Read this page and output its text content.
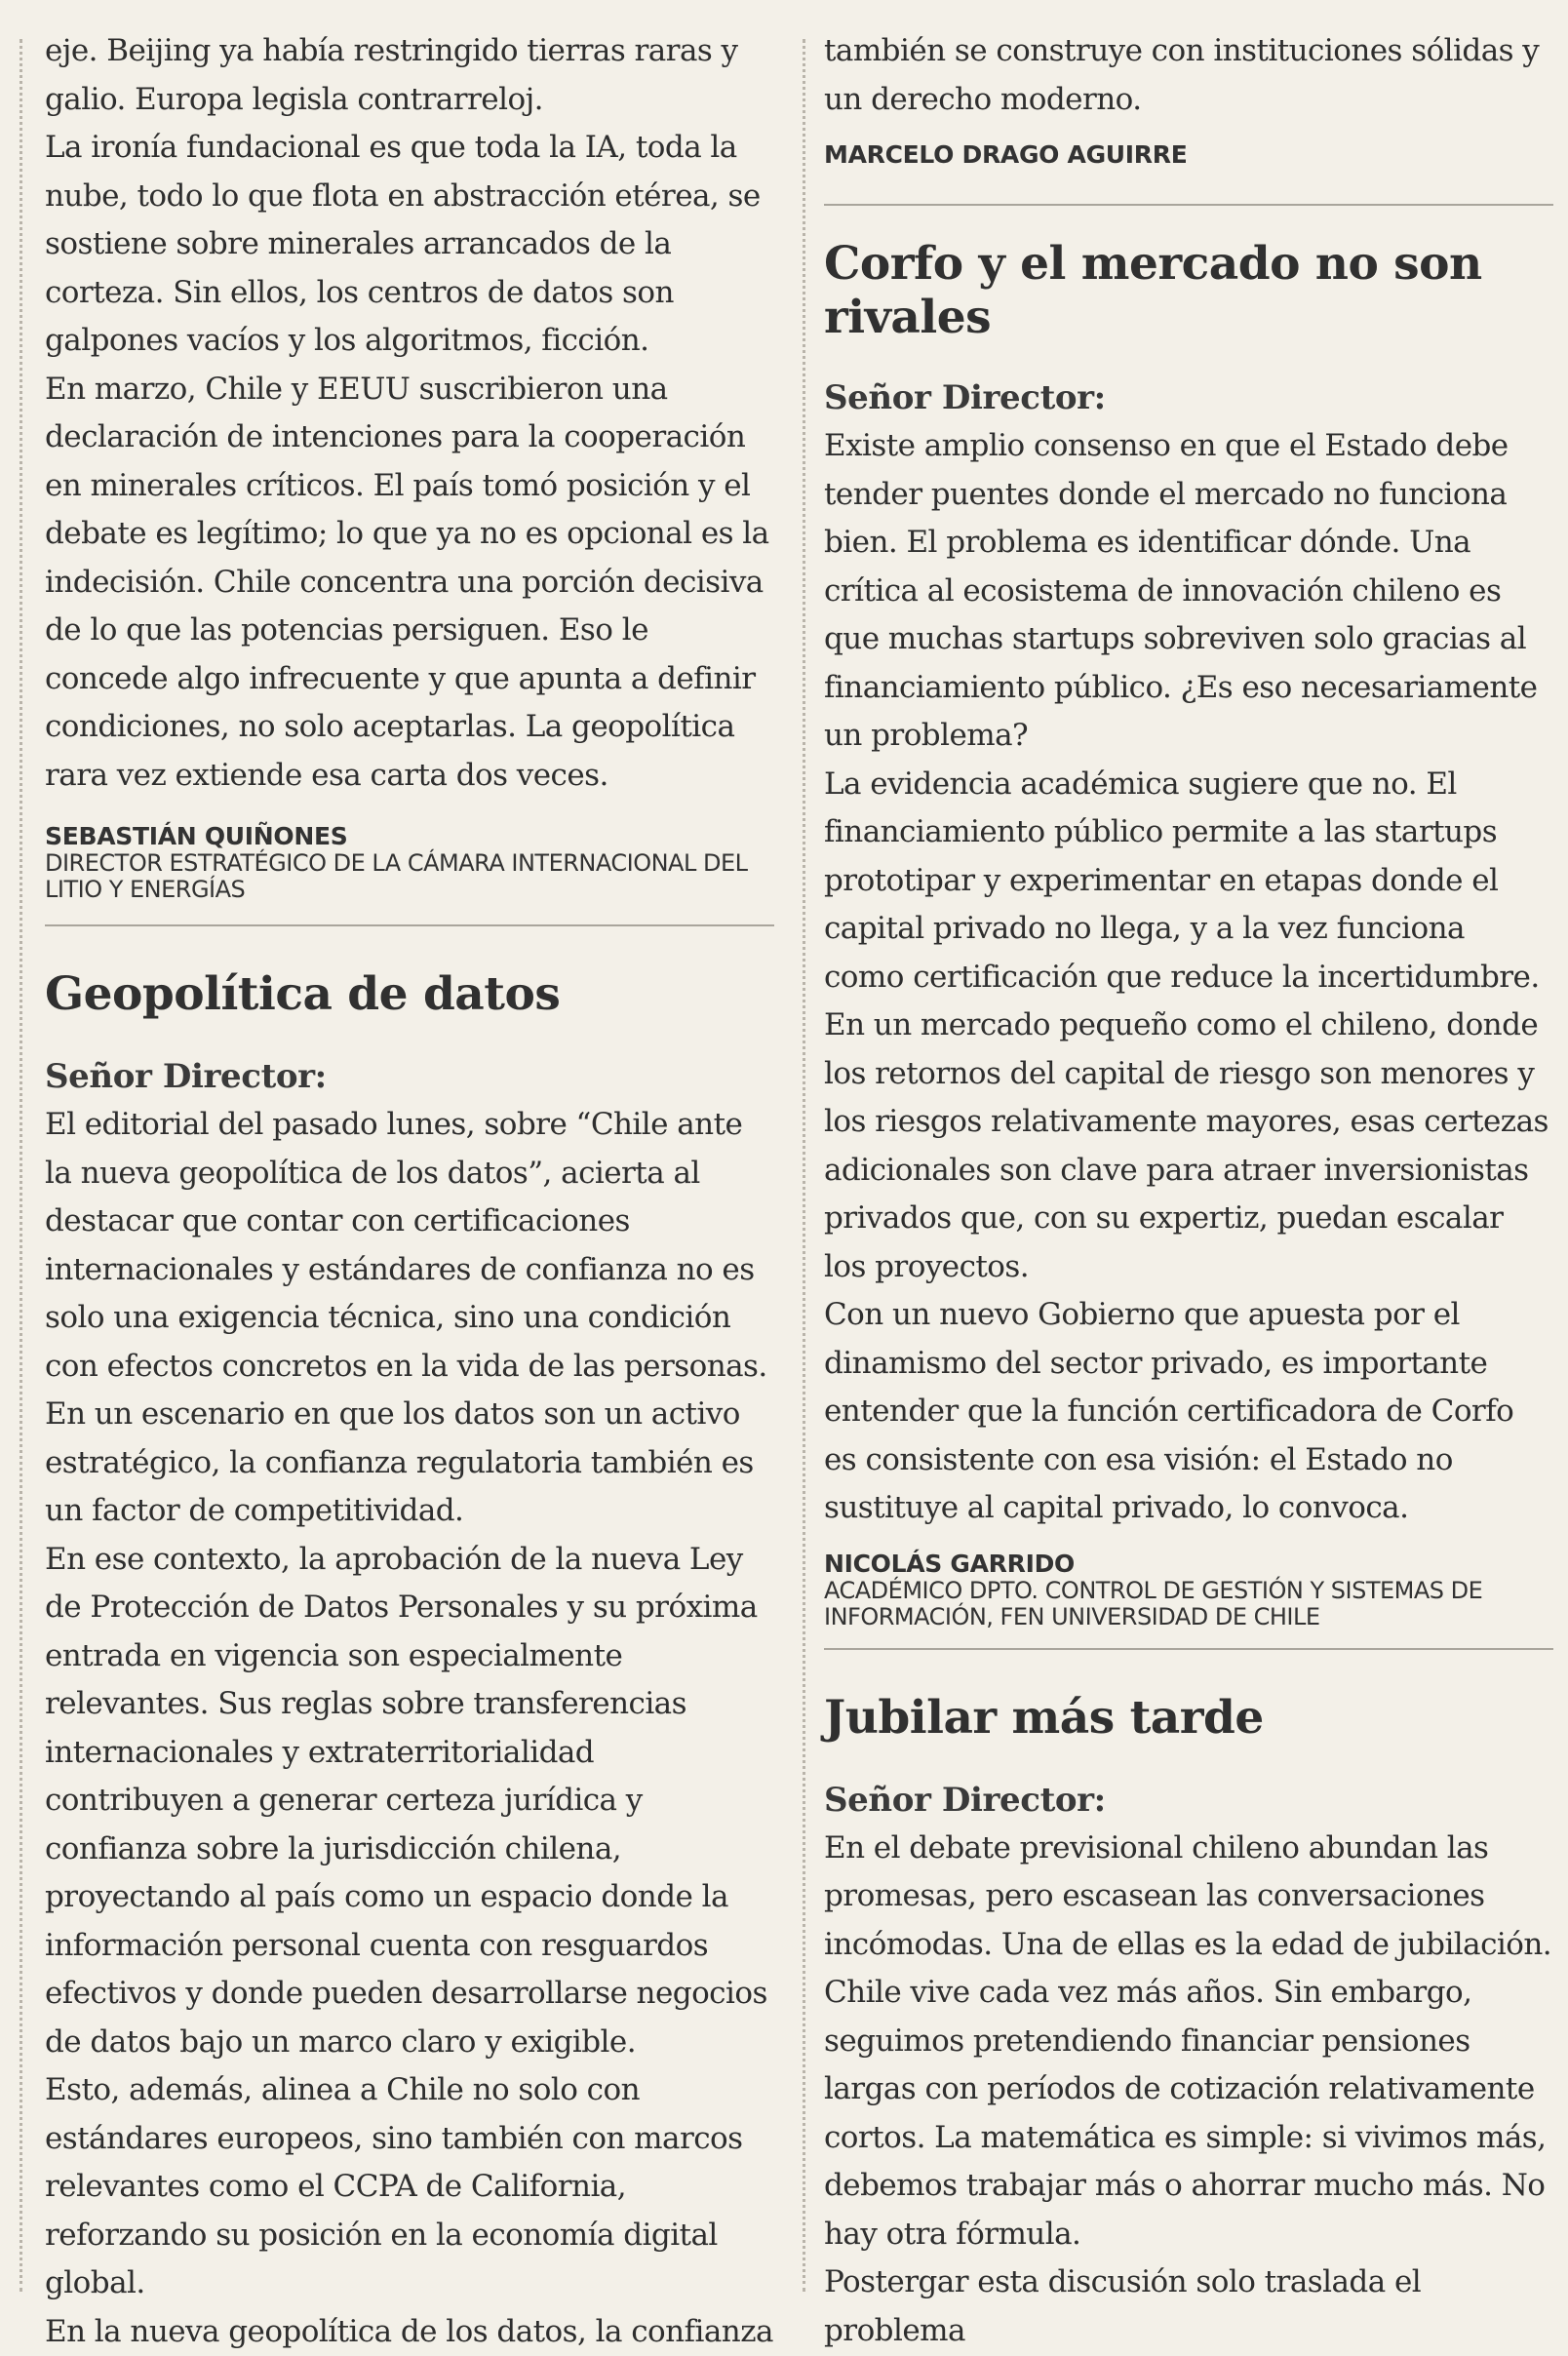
eje. Beijing ya había restringido tierras raras y galio. Europa legisla contrarreloj.

La ironía fundacional es que toda la IA, toda la nube, todo lo que flota en abstracción etérea, se sostiene sobre minerales arrancados de la corteza. Sin ellos, los centros de datos son galpones vacíos y los algoritmos, ficción.

En marzo, Chile y EEUU suscribieron una declaración de intenciones para la cooperación en minerales críticos. El país tomó posición y el debate es legítimo; lo que ya no es opcional es la indecisión. Chile concentra una porción decisiva de lo que las potencias persiguen. Eso le concede algo infrecuente y que apunta a definir condiciones, no solo aceptarlas. La geopolítica rara vez extiende esa carta dos veces.

SEBASTIÁN QUIÑONES

DIRECTOR ESTRATÉGICO DE LA CÁMARA INTERNACIONAL DEL LITIO Y ENERGÍAS

Geopolítica de datos

Señor Director:

El editorial del pasado lunes, sobre “Chile ante la nueva geopolítica de los datos”, acierta al destacar que contar con certificaciones internacionales y estándares de confianza no es solo una exigencia técnica, sino una condición con efectos concretos en la vida de las personas. En un escenario en que los datos son un activo estratégico, la confianza regulatoria también es un factor de competitividad.

En ese contexto, la aprobación de la nueva Ley de Protección de Datos Personales y su próxima entrada en vigencia son especialmente relevantes. Sus reglas sobre transferencias internacionales y extraterritorialidad contribuyen a generar certeza jurídica y confianza sobre la jurisdicción chilena, proyectando al país como un espacio donde la información personal cuenta con resguardos efectivos y donde pueden desarrollarse negocios de datos bajo un marco claro y exigible.

Esto, además, alinea a Chile no solo con estándares europeos, sino también con marcos relevantes como el CCPA de California, reforzando su posición en la economía digital global.

En la nueva geopolítica de los datos, la confianza

también se construye con instituciones sólidas y un derecho moderno.

MARCELO DRAGO AGUIRRE

Corfo y el mercado no son rivales

Señor Director:

Existe amplio consenso en que el Estado debe tender puentes donde el mercado no funciona bien. El problema es identificar dónde. Una crítica al ecosistema de innovación chileno es que muchas startups sobreviven solo gracias al financiamiento público. ¿Es eso necesariamente un problema?

La evidencia académica sugiere que no. El financiamiento público permite a las startups prototipar y experimentar en etapas donde el capital privado no llega, y a la vez funciona como certificación que reduce la incertidumbre. En un mercado pequeño como el chileno, donde los retornos del capital de riesgo son menores y los riesgos relativamente mayores, esas certezas adicionales son clave para atraer inversionistas privados que, con su expertiz, puedan escalar los proyectos.

Con un nuevo Gobierno que apuesta por el dinamismo del sector privado, es importante entender que la función certificadora de Corfo es consistente con esa visión: el Estado no sustituye al capital privado, lo convoca.

NICOLÁS GARRIDO

ACADÉMICO DPTO. CONTROL DE GESTIÓN Y SISTEMAS DE INFORMACIÓN, FEN UNIVERSIDAD DE CHILE

Jubilar más tarde

Señor Director:

En el debate previsional chileno abundan las promesas, pero escasean las conversaciones incómodas. Una de ellas es la edad de jubilación. Chile vive cada vez más años. Sin embargo, seguimos pretendiendo financiar pensiones largas con períodos de cotización relativamente cortos. La matemática es simple: si vivimos más, debemos trabajar más o ahorrar mucho más. No hay otra fórmula.

Postergar esta discusión solo traslada el problema
